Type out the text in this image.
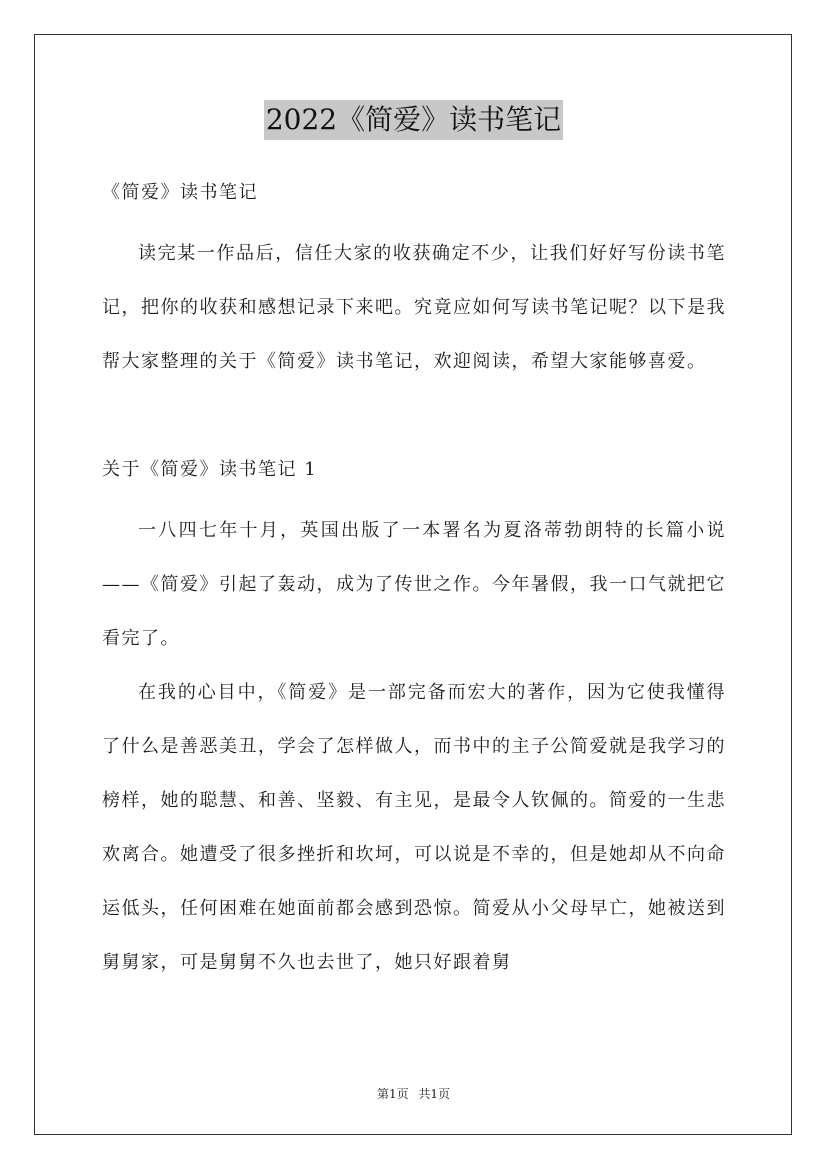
2022《简爱》读书笔记

《简爱》读书笔记

读完某一作品后，信任大家的收获确定不少，让我们好好写份读书笔记，把你的收获和感想记录下来吧。究竟应如何写读书笔记呢？以下是我帮大家整理的关于《简爱》读书笔记，欢迎阅读，希望大家能够喜爱。

关于《简爱》读书笔记 1

一八四七年十月，英国出版了一本署名为夏洛蒂勃朗特的长篇小说——《简爱》引起了轰动，成为了传世之作。今年暑假，我一口气就把它看完了。

在我的心目中，《简爱》是一部完备而宏大的著作，因为它使我懂得了什么是善恶美丑，学会了怎样做人，而书中的主子公简爱就是我学习的榜样，她的聪慧、和善、坚毅、有主见，是最令人钦佩的。简爱的一生悲欢离合。她遭受了很多挫折和坎坷，可以说是不幸的，但是她却从不向命运低头，任何困难在她面前都会感到恐惊。简爱从小父母早亡，她被送到舅舅家，可是舅舅不久也去世了，她只好跟着舅

第1页 共1页
